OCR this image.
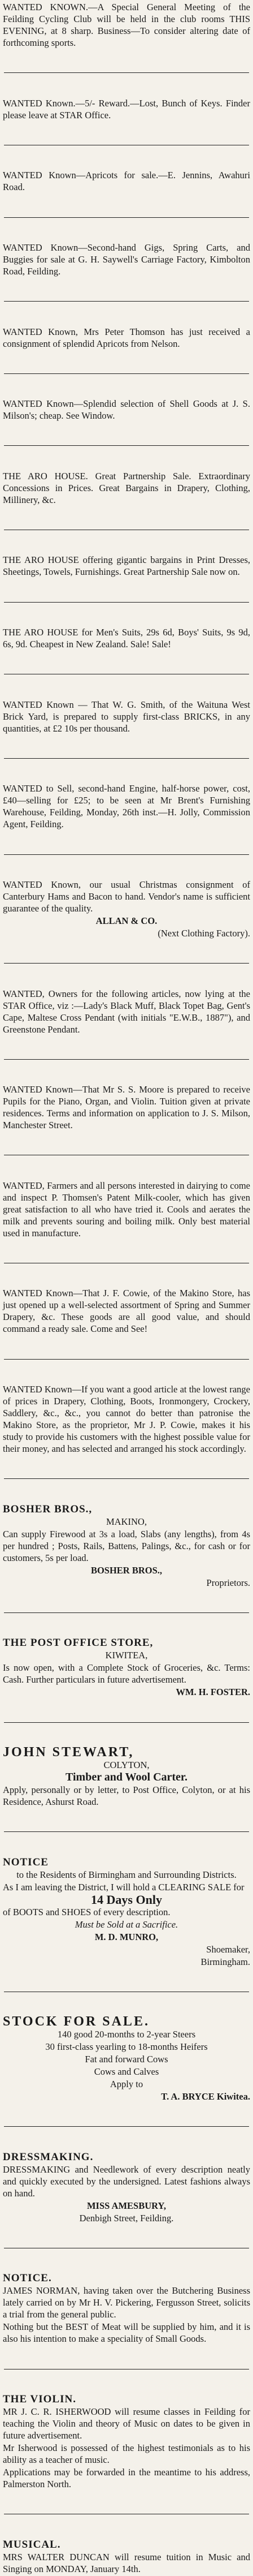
WANTED KNOWN.—A Special General Meeting of the Feilding Cycling Club will be held in the club rooms THIS EVENING, at 8 sharp. Business—To consider altering date of forthcoming sports.

WANTED Known.—5/- Reward.—Lost, Bunch of Keys. Finder please leave at STAR Office.

WANTED Known—Apricots for sale.—E. Jennins, Awahuri Road.

WANTED Known—Second-hand Gigs, Spring Carts, and Buggies for sale at G. H. Saywell's Carriage Factory, Kimbolton Road, Feilding.

WANTED Known, Mrs Peter Thomson has just received a consignment of splendid Apricots from Nelson.

WANTED Known—Splendid selection of Shell Goods at J. S. Milson's; cheap. See Window.

THE ARO HOUSE. Great Partnership Sale. Extraordinary Concessions in Prices. Great Bargains in Drapery, Clothing, Millinery, &c.

THE ARO HOUSE offering gigantic bargains in Print Dresses, Sheetings, Towels, Furnishings. Great Partnership Sale now on.

THE ARO HOUSE for Men's Suits, 29s 6d, Boys' Suits, 9s 9d, 6s, 9d. Cheapest in New Zealand. Sale! Sale!

WANTED Known — That W. G. Smith, of the Waituna West Brick Yard, is prepared to supply first-class BRICKS, in any quantities, at £2 10s per thousand.

WANTED to Sell, second-hand Engine, half-horse power, cost, £40—selling for £25; to be seen at Mr Brent's Furnishing Warehouse, Feilding, Monday, 26th inst.—H. Jolly, Commission Agent, Feilding.

WANTED Known, our usual Christmas consignment of Canterbury Hams and Bacon to hand. Vendor's name is sufficient guarantee of the quality.

ALLAN & CO.

(Next Clothing Factory).

WANTED, Owners for the following articles, now lying at the STAR Office, viz :—Lady's Black Muff, Black Topet Bag, Gent's Cape, Maltese Cross Pendant (with initials "E.W.B., 1887"), and Greenstone Pendant.

WANTED Known—That Mr S. S. Moore is prepared to receive Pupils for the Piano, Organ, and Violin. Tuition given at private residences. Terms and information on application to J. S. Milson, Manchester Street.

WANTED, Farmers and all persons interested in dairying to come and inspect P. Thomsen's Patent Milk-cooler, which has given great satisfaction to all who have tried it. Cools and aerates the milk and prevents souring and boiling milk. Only best material used in manufacture.

WANTED Known—That J. F. Cowie, of the Makino Store, has just opened up a well-selected assortment of Spring and Summer Drapery, &c. These goods are all good value, and should command a ready sale. Come and See!

WANTED Known—If you want a good article at the lowest range of prices in Drapery, Clothing, Boots, Ironmongery, Crockery, Saddlery, &c., &c., you cannot do better than patronise the Makino Store, as the proprietor, Mr J. P. Cowie, makes it his study to provide his customers with the highest possible value for their money, and has selected and arranged his stock accordingly.

BOSHER BROS.,

MAKINO,

Can supply Firewood at 3s a load, Slabs (any lengths), from 4s per hundred ; Posts, Rails, Battens, Palings, &c., for cash or for customers, 5s per load.

BOSHER BROS.,

Proprietors.

THE POST OFFICE STORE,

KIWITEA,

Is now open, with a Complete Stock of Groceries, &c. Terms: Cash. Further particulars in future advertisement.

WM. H. FOSTER.

JOHN STEWART,

COLYTON,

Timber and Wool Carter.

Apply, personally or by letter, to Post Office, Colyton, or at his Residence, Ashurst Road.

NOTICE

to the Residents of Birmingham and Surrounding Districts.

As I am leaving the District, I will hold a CLEARING SALE for

14 Days Only

of BOOTS and SHOES of every description.

Must be Sold at a Sacrifice.

M. D. MUNRO,

Shoemaker,

Birmingham.

STOCK FOR SALE.

140 good 20-months to 2-year Steers

30 first-class yearling to 18-months Heifers

Fat and forward Cows

Cows and Calves

Apply to

T. A. BRYCE Kiwitea.

DRESSMAKING.

DRESSMAKING and Needlework of every description neatly and quickly executed by the undersigned. Latest fashions always on hand.

MISS AMESBURY,

Denbigh Street, Feilding.

NOTICE.

JAMES NORMAN, having taken over the Butchering Business lately carried on by Mr H. V. Pickering, Fergusson Street, solicits a trial from the general public.

Nothing but the BEST of Meat will be supplied by him, and it is also his intention to make a speciality of Small Goods.

THE VIOLIN.

MR J. C. R. ISHERWOOD will resume classes in Feilding for teaching the Violin and theory of Music on dates to be given in future advertisement.

Mr Isherwood is possessed of the highest testimonials as to his ability as a teacher of music.

Applications may be forwarded in the meantime to his address, Palmerston North.

MUSICAL.

MRS WALTER DUNCAN will resume tuition in Music and Singing on MONDAY, January 14th.
